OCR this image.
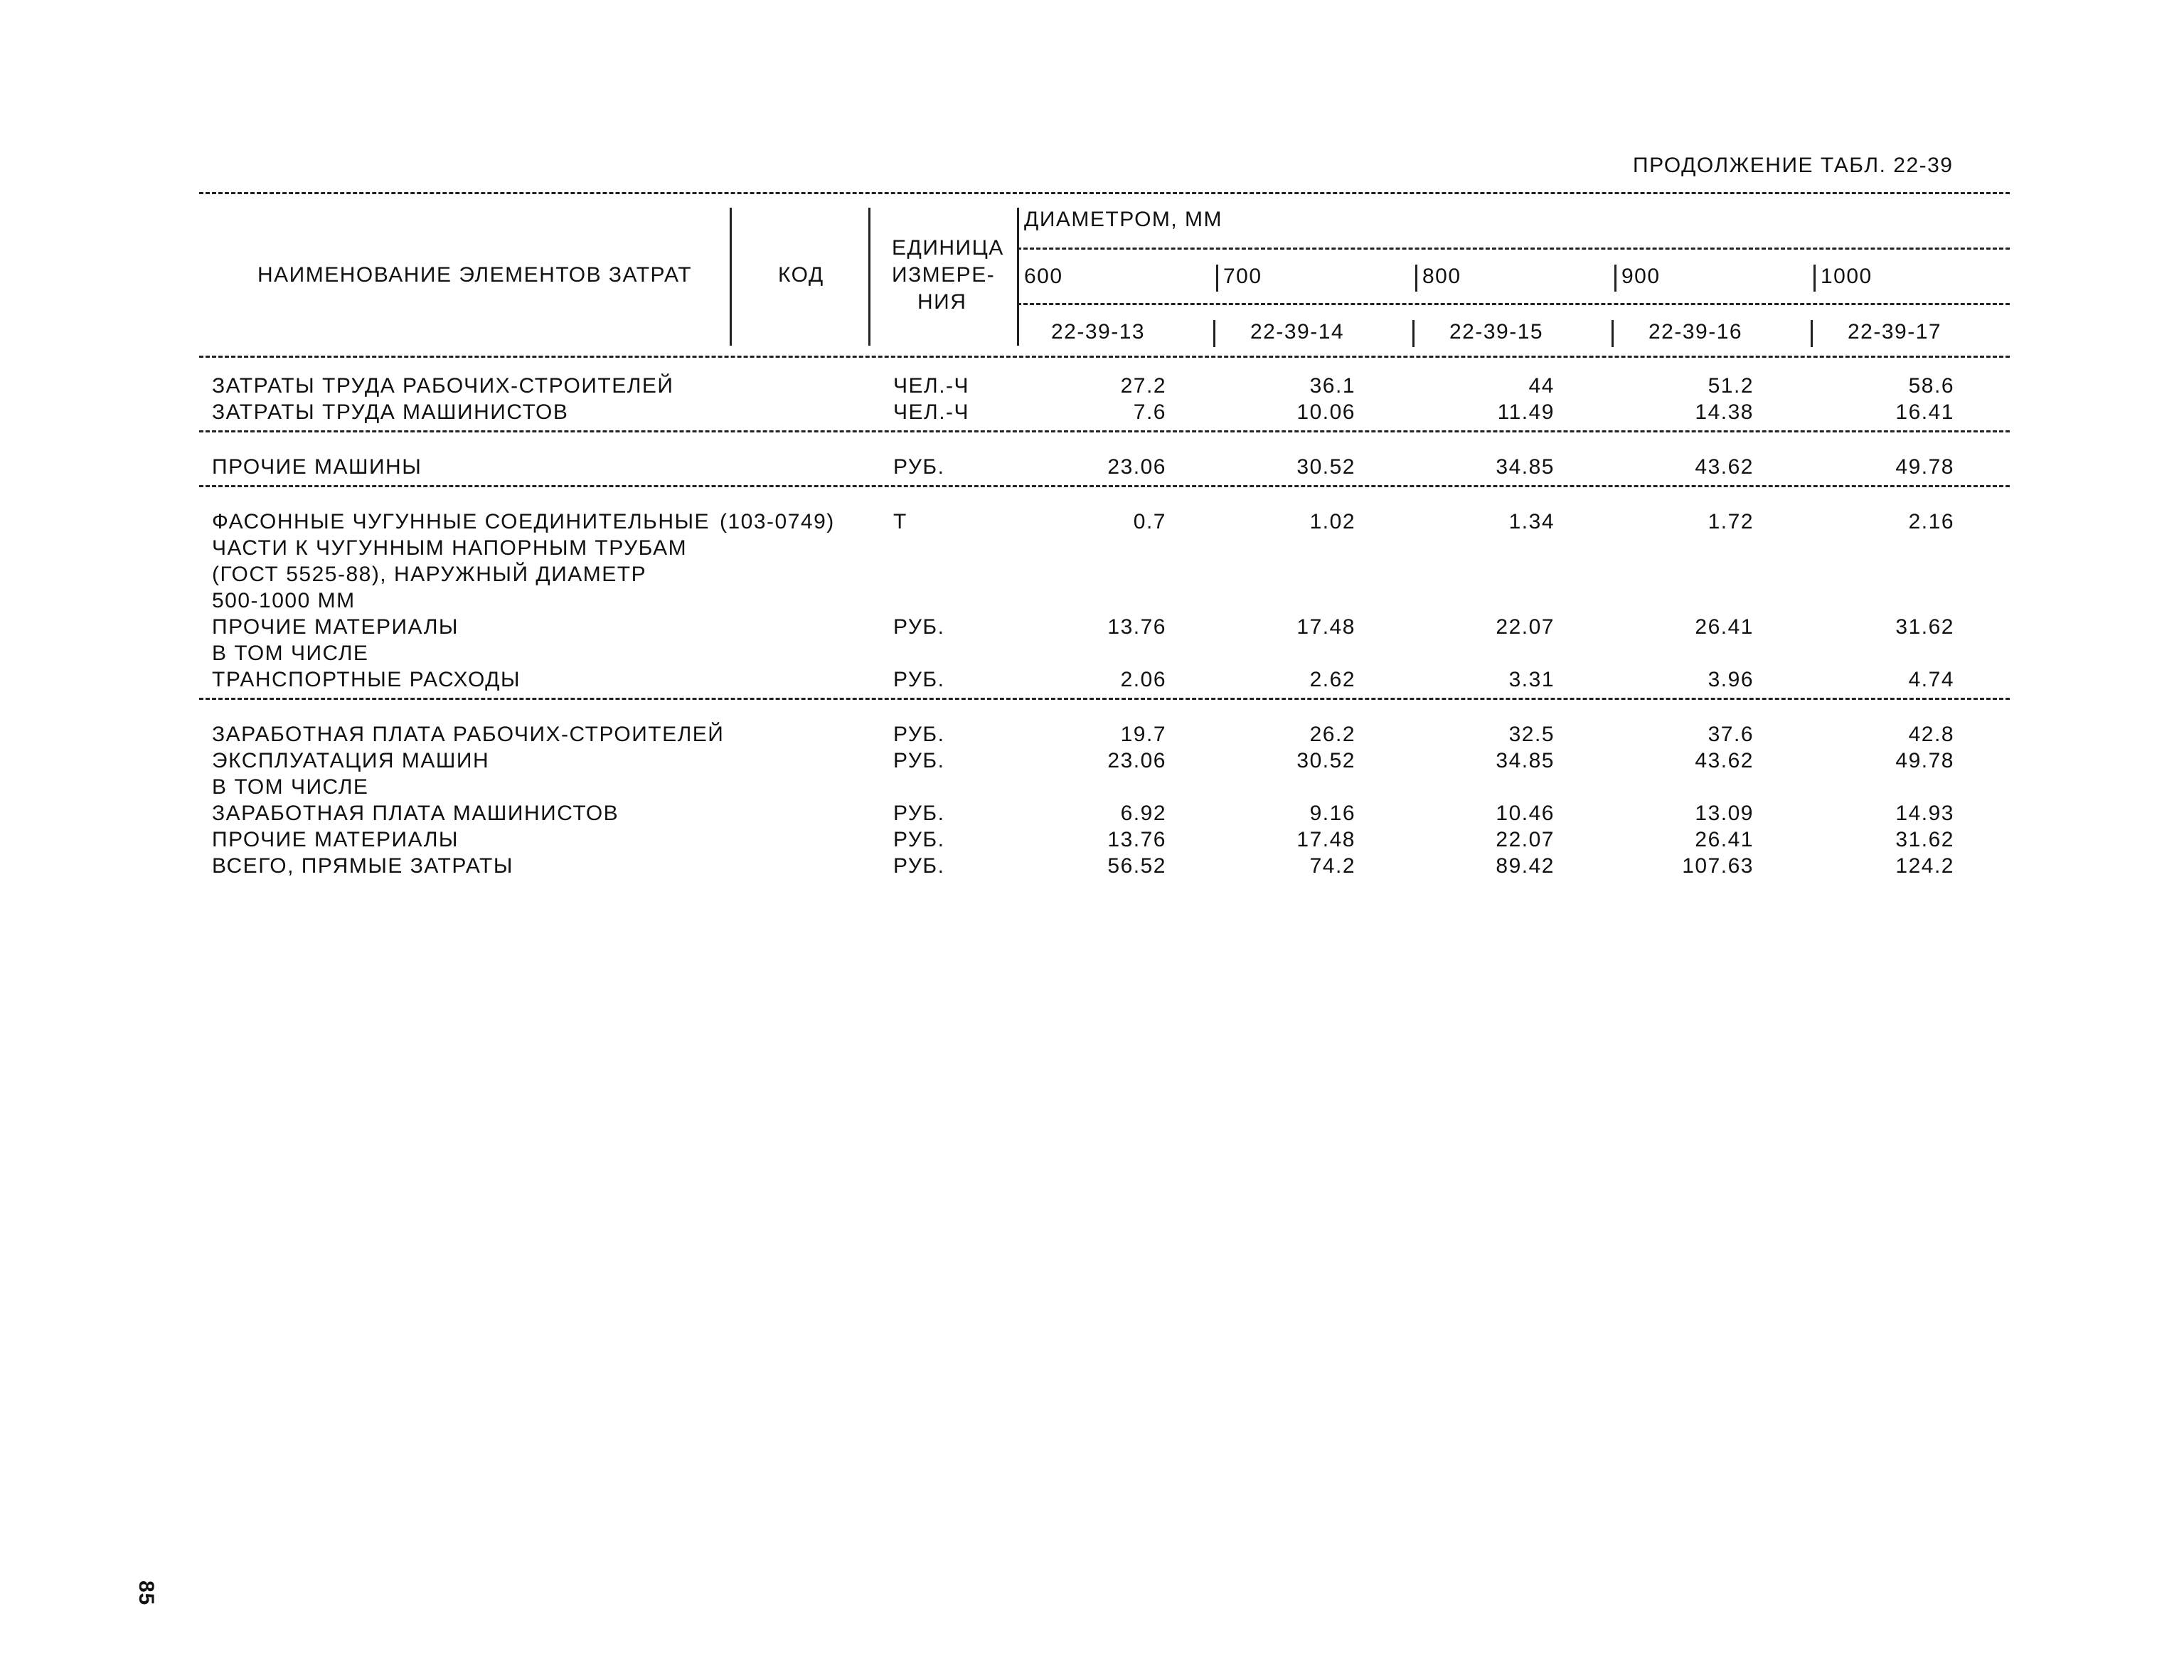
ПРОДОЛЖЕНИЕ ТАБЛ. 22-39
НАИМЕНОВАНИЕ ЭЛЕМЕНТОВ ЗАТРАТ	КОД
ЕДИНИЦА
ИЗМЕРЕ-
НИЯ
ДИАМЕТРОМ, ММ
600	700	800	900	1000
22-39-13	22-39-14	22-39-15	22-39-16	22-39-17
ЗАТРАТЫ ТРУДА РАБОЧИХ-СТРОИТЕЛЕЙ	ЧЕЛ.-Ч	27.2	36.1	44	51.2	58.6
ЗАТРАТЫ ТРУДА МАШИНИСТОВ	ЧЕЛ.-Ч	7.6	10.06	11.49	14.38	16.41
ПРОЧИЕ МАШИНЫ	РУБ.	23.06	30.52	34.85	43.62	49.78
ФАСОННЫЕ ЧУГУННЫЕ СОЕДИНИТЕЛЬНЫЕ (103-0749)	Т	0.7	1.02	1.34	1.72	2.16
ЧАСТИ К ЧУГУННЫМ НАПОРНЫМ ТРУБАМ
(ГОСТ 5525-88), НАРУЖНЫЙ ДИАМЕТР
500-1000 ММ
ПРОЧИЕ МАТЕРИАЛЫ	РУБ.	13.76	17.48	22.07	26.41	31.62
В ТОМ ЧИСЛЕ
ТРАНСПОРТНЫЕ РАСХОДЫ	РУБ.	2.06	2.62	3.31	3.96	4.74
ЗАРАБОТНАЯ ПЛАТА РАБОЧИХ-СТРОИТЕЛЕЙ	РУБ.	19.7	26.2	32.5	37.6	42.8
ЭКСПЛУАТАЦИЯ МАШИН	РУБ.	23.06	30.52	34.85	43.62	49.78
В ТОМ ЧИСЛЕ
ЗАРАБОТНАЯ ПЛАТА МАШИНИСТОВ	РУБ.	6.92	9.16	10.46	13.09	14.93
ПРОЧИЕ МАТЕРИАЛЫ	РУБ.	13.76	17.48	22.07	26.41	31.62
ВСЕГО, ПРЯМЫЕ ЗАТРАТЫ	РУБ.	56.52	74.2	89.42	107.63	124.2
85
